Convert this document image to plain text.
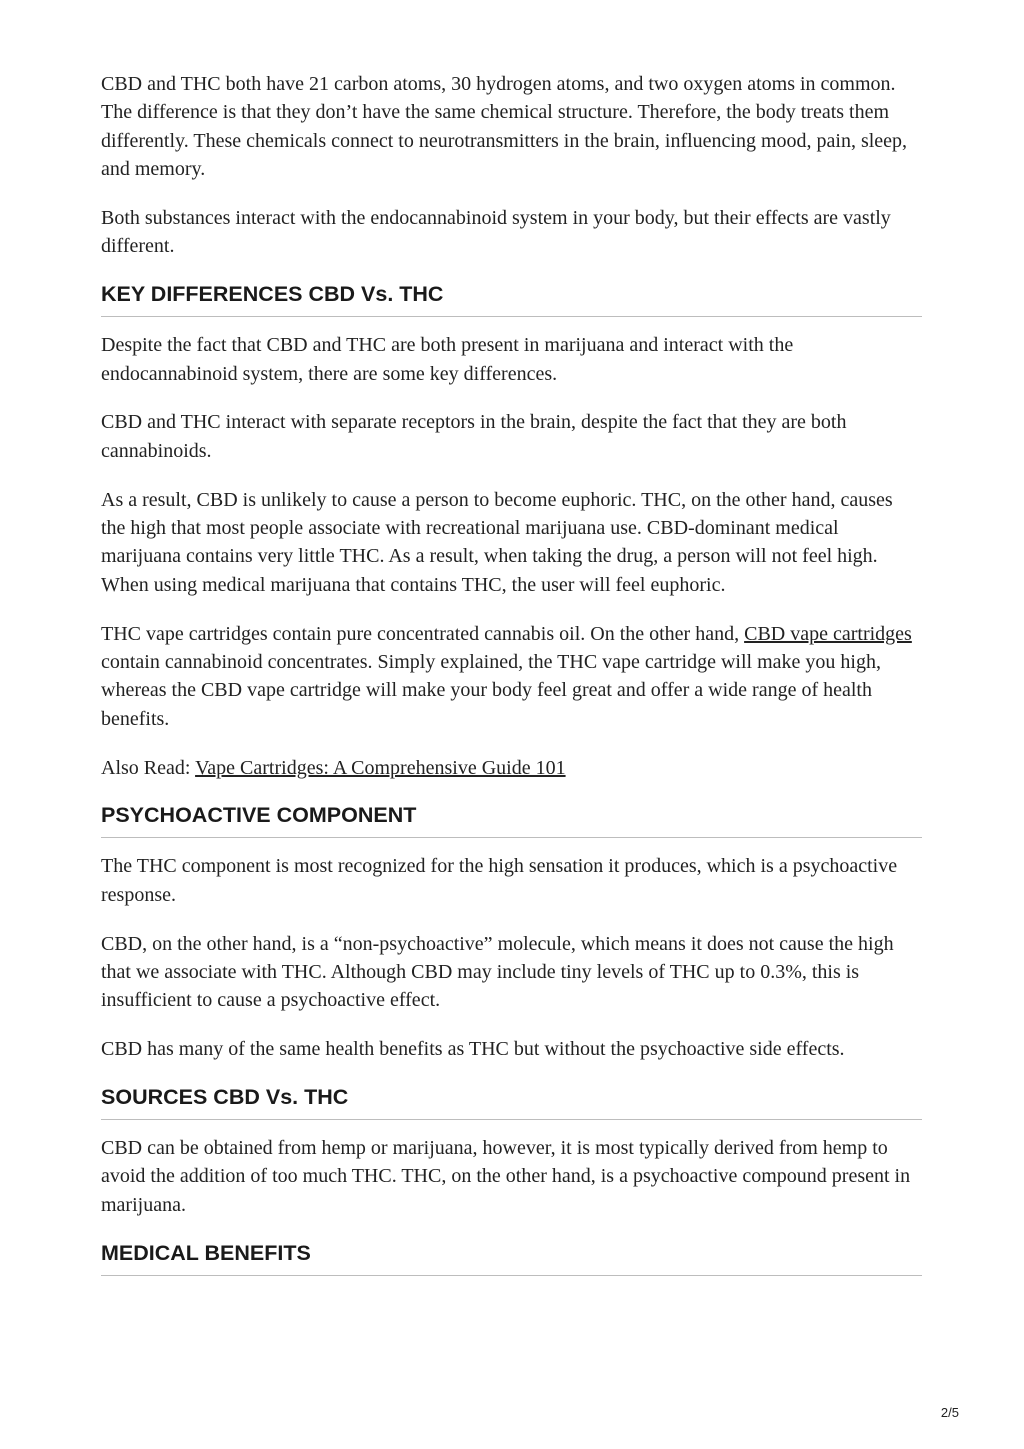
CBD and THC both have 21 carbon atoms, 30 hydrogen atoms, and two oxygen atoms in common. The difference is that they don’t have the same chemical structure. Therefore, the body treats them differently. These chemicals connect to neurotransmitters in the brain, influencing mood, pain, sleep, and memory.

Both substances interact with the endocannabinoid system in your body, but their effects are vastly different.

KEY DIFFERENCES CBD Vs. THC

Despite the fact that CBD and THC are both present in marijuana and interact with the endocannabinoid system, there are some key differences.

CBD and THC interact with separate receptors in the brain, despite the fact that they are both cannabinoids.

As a result, CBD is unlikely to cause a person to become euphoric. THC, on the other hand, causes the high that most people associate with recreational marijuana use. CBD-dominant medical marijuana contains very little THC. As a result, when taking the drug, a person will not feel high. When using medical marijuana that contains THC, the user will feel euphoric.

THC vape cartridges contain pure concentrated cannabis oil. On the other hand, CBD vape cartridges contain cannabinoid concentrates. Simply explained, the THC vape cartridge will make you high, whereas the CBD vape cartridge will make your body feel great and offer a wide range of health benefits.

Also Read: Vape Cartridges: A Comprehensive Guide 101

PSYCHOACTIVE COMPONENT

The THC component is most recognized for the high sensation it produces, which is a psychoactive response.

CBD, on the other hand, is a “non-psychoactive” molecule, which means it does not cause the high that we associate with THC. Although CBD may include tiny levels of THC up to 0.3%, this is insufficient to cause a psychoactive effect.

CBD has many of the same health benefits as THC but without the psychoactive side effects.

SOURCES CBD Vs. THC

CBD can be obtained from hemp or marijuana, however, it is most typically derived from hemp to avoid the addition of too much THC. THC, on the other hand, is a psychoactive compound present in marijuana.

MEDICAL BENEFITS
2/5
